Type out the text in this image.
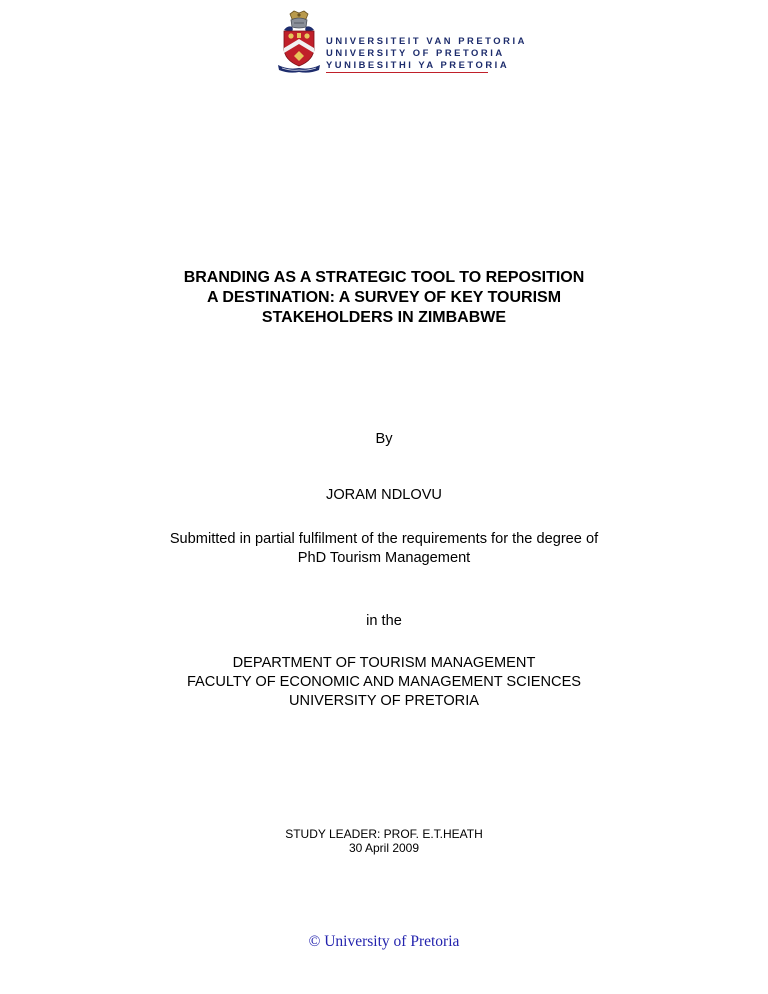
UNIVERSITEIT VAN PRETORIA
UNIVERSITY OF PRETORIA
YUNIBESITHI YA PRETORIA
BRANDING AS A STRATEGIC TOOL TO REPOSITION
A DESTINATION: A SURVEY OF KEY TOURISM
STAKEHOLDERS IN ZIMBABWE
By
JORAM NDLOVU
Submitted in partial fulfilment of the requirements for the degree of
PhD Tourism Management
in the
DEPARTMENT OF TOURISM MANAGEMENT
FACULTY OF ECONOMIC AND MANAGEMENT SCIENCES
UNIVERSITY OF PRETORIA
STUDY LEADER: PROF. E.T.HEATH
30 April 2009
© University of Pretoria
